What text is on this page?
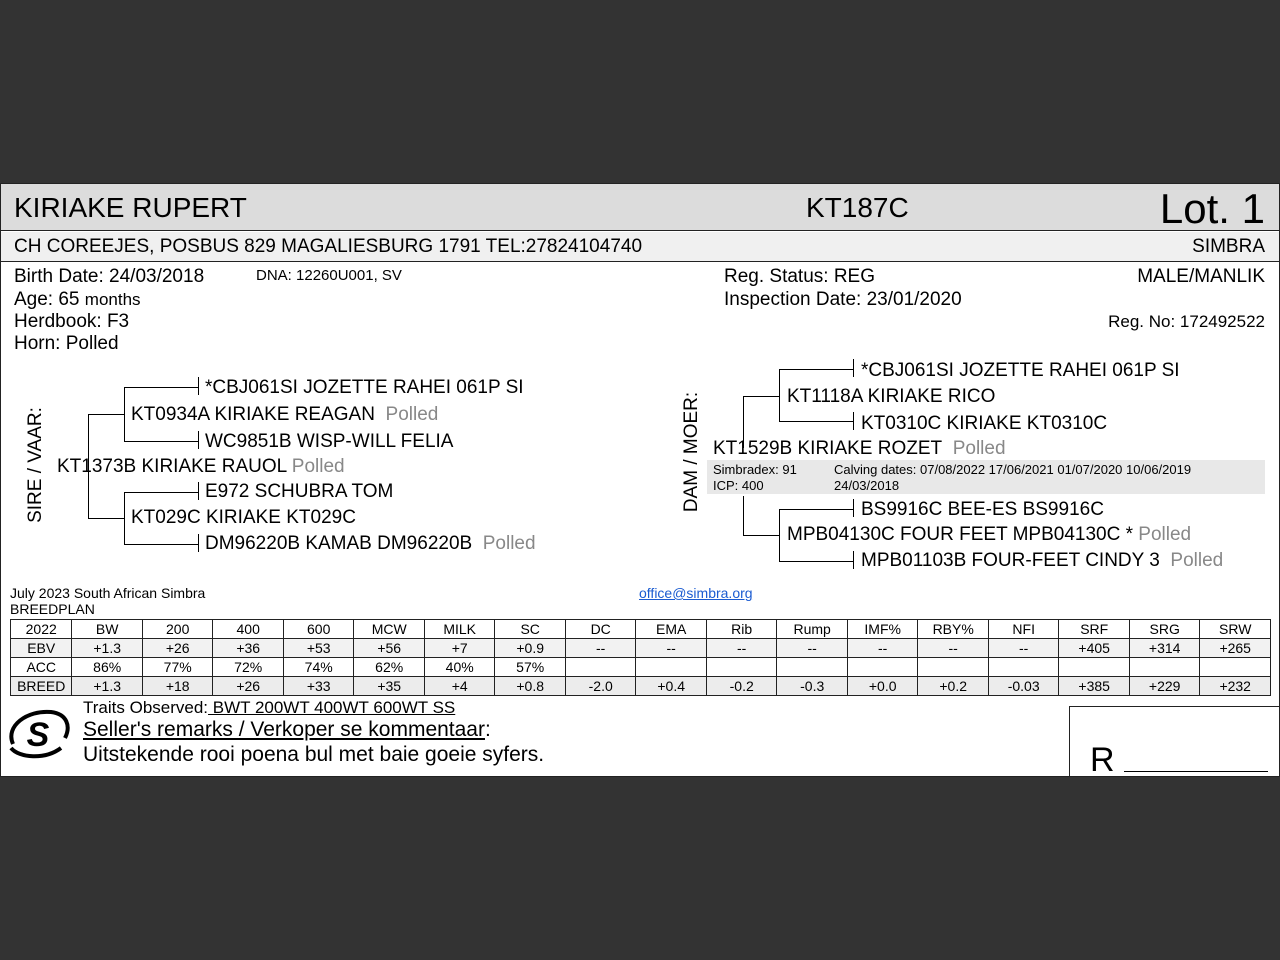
KIRIAKE RUPERT	KT187C	Lot. 1
CH COREEJES, POSBUS 829 MAGALIESBURG 1791 TEL:27824104740	SIMBRA
Birth Date: 24/03/2018	DNA: 12260U001, SV
Age: 65 months
Herdbook: F3
Horn: Polled
Reg. Status: REG
Inspection Date: 23/01/2020
MALE/MANLIK
Reg. No: 172492522
SIRE / VAAR:
*CBJ061SI JOZETTE RAHEI 061P SI
KT0934A KIRIAKE REAGAN Polled
WC9851B WISP-WILL FELIA
KT1373B KIRIAKE RAUOL Polled
E972 SCHUBRA TOM
KT029C KIRIAKE KT029C
DM96220B KAMAB DM96220B Polled
DAM / MOER:
*CBJ061SI JOZETTE RAHEI 061P SI
KT1118A KIRIAKE RICO
KT0310C KIRIAKE KT0310C
KT1529B KIRIAKE ROZET Polled
Simbradex: 91
ICP: 400
Calving dates: 07/08/2022 17/06/2021 01/07/2020 10/06/2019
24/03/2018
BS9916C BEE-ES BS9916C
MPB04130C FOUR FEET MPB04130C * Polled
MPB01103B FOUR-FEET CINDY 3 Polled
July 2023 South African Simbra	office@simbra.org
BREEDPLAN
2022	BW	200	400	600	MCW	MILK	SC	DC	EMA	Rib	Rump	IMF%	RBY%	NFI	SRF	SRG	SRW
EBV	+1.3	+26	+36	+53	+56	+7	+0.9	--	--	--	--	--	--	--	+405	+314	+265
ACC	86%	77%	72%	74%	62%	40%	57%										
BREED	+1.3	+18	+26	+33	+35	+4	+0.8	-2.0	+0.4	-0.2	-0.3	+0.0	+0.2	-0.03	+385	+229	+232
S
Traits Observed: BWT 200WT 400WT 600WT SS
Seller's remarks / Verkoper se kommentaar:
Uitstekende rooi poena bul met baie goeie syfers.	R
